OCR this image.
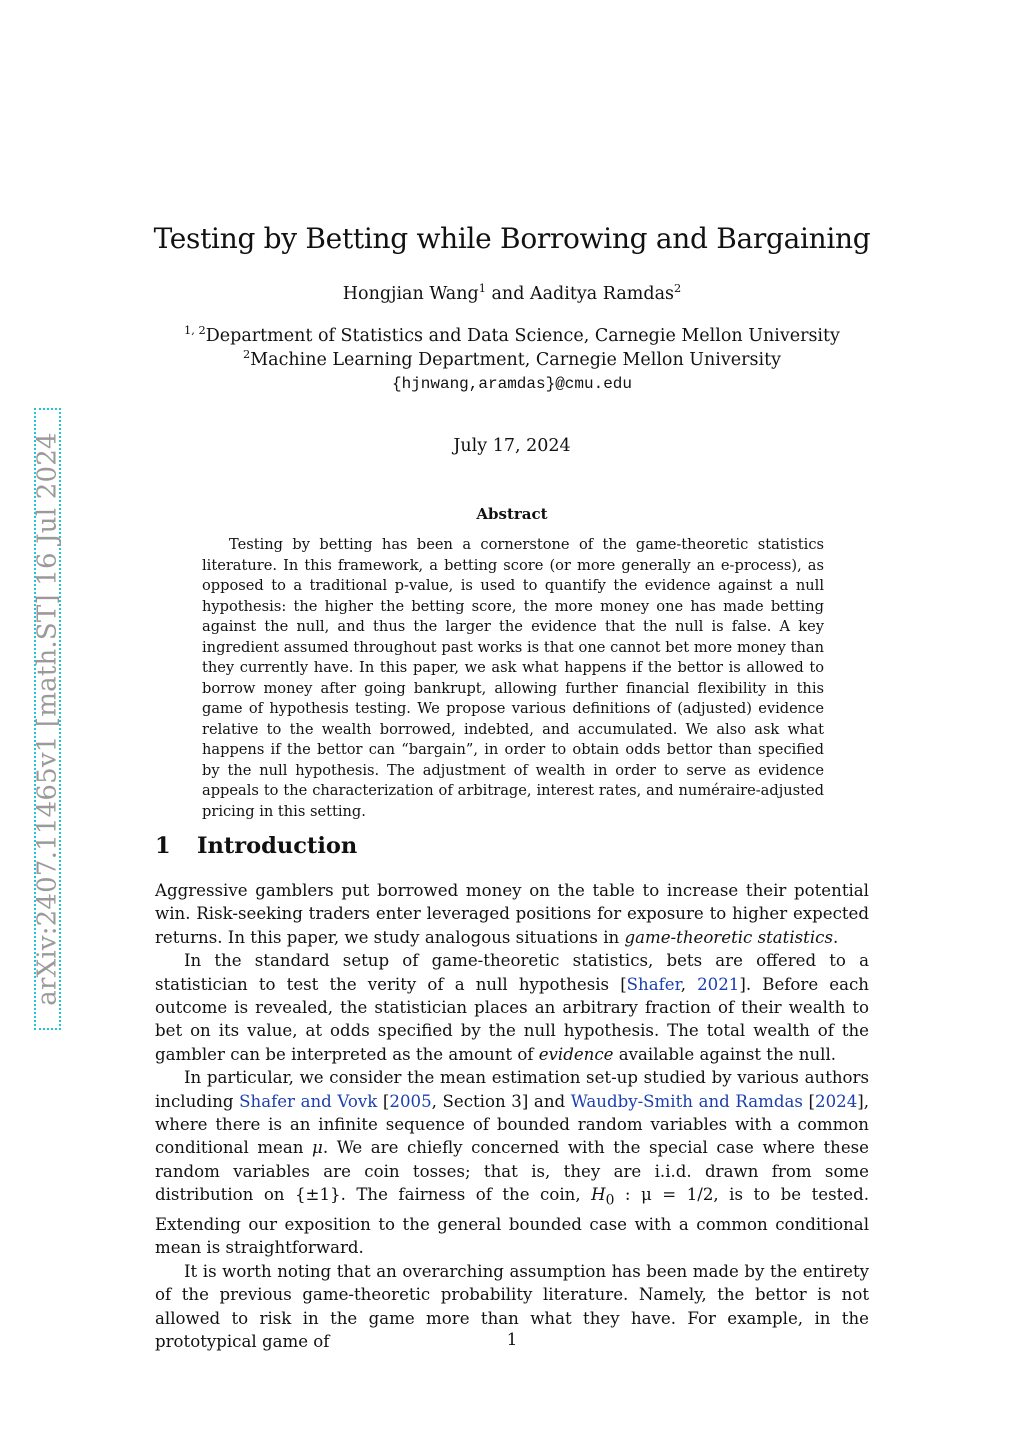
arXiv:2407.11465v1 [math.ST] 16 Jul 2024
Testing by Betting while Borrowing and Bargaining
Hongjian Wang$^1$ and Aaditya Ramdas$^2$
$^{1, 2}$Department of Statistics and Data Science, Carnegie Mellon University
$^2$Machine Learning Department, Carnegie Mellon University
{hjnwang,aramdas}@cmu.edu
July 17, 2024
Abstract

Testing by betting has been a cornerstone of the game-theoretic statistics literature. In this framework, a betting score (or more generally an e-process), as opposed to a traditional p-value, is used to quantify the evidence against a null hypothesis: the higher the betting score, the more money one has made betting against the null, and thus the larger the evidence that the null is false. A key ingredient assumed throughout past works is that one cannot bet more money than they currently have. In this paper, we ask what happens if the bettor is allowed to borrow money after going bankrupt, allowing further financial flexibility in this game of hypothesis testing. We propose various definitions of (adjusted) evidence relative to the wealth borrowed, indebted, and accumulated. We also ask what happens if the bettor can “bargain”, in order to obtain odds bettor than specified by the null hypothesis. The adjustment of wealth in order to serve as evidence appeals to the characterization of arbitrage, interest rates, and numéraire-adjusted pricing in this setting.

1 Introduction

Aggressive gamblers put borrowed money on the table to increase their potential win. Risk-seeking traders enter leveraged positions for exposure to higher expected returns. In this paper, we study analogous situations in game-theoretic statistics.

In the standard setup of game-theoretic statistics, bets are offered to a statistician to test the verity of a null hypothesis [Shafer, 2021]. Before each outcome is revealed, the statistician places an arbitrary fraction of their wealth to bet on its value, at odds specified by the null hypothesis. The total wealth of the gambler can be interpreted as the amount of evidence available against the null.

In particular, we consider the mean estimation set-up studied by various authors including Shafer and Vovk [2005, Section 3] and Waudby-Smith and Ramdas [2024], where there is an infinite sequence of bounded random variables with a common conditional mean μ. We are chiefly concerned with the special case where these random variables are coin tosses; that is, they are i.i.d. drawn from some distribution on {±1}. The fairness of the coin, $H_0$ : μ = 1/2, is to be tested. Extending our exposition to the general bounded case with a common conditional mean is straightforward.

It is worth noting that an overarching assumption has been made by the entirety of the previous game-theoretic probability literature. Namely, the bettor is not allowed to risk in the game more than what they have. For example, in the prototypical game of	1
